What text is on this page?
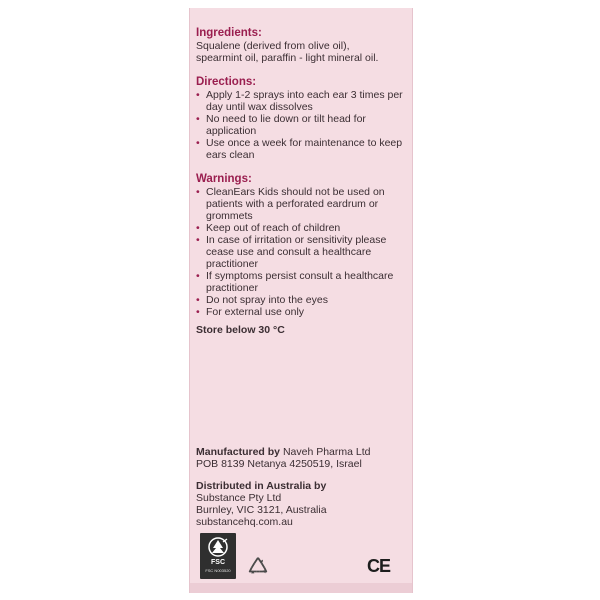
Ingredients:

Squalene (derived from olive oil),

spearmint oil, paraffin - light mineral oil.

Directions:
• Apply 1-2 sprays into each ear 3 times per day until wax dissolves
• No need to lie down or tilt head for application
• Use once a week for maintenance to keep ears clean
Warnings:
• CleanEars Kids should not be used on patients with a perforated eardrum or grommets
• Keep out of reach of children
• In case of irritation or sensitivity please cease use and consult a healthcare practitioner
• If symptoms persist consult a healthcare practitioner
• Do not spray into the eyes
• For external use only
Store below 30 °C
Manufactured by Naveh Pharma Ltd
POB 8139 Netanya 4250519, Israel
Distributed in Australia by
Substance Pty Ltd
Burnley, VIC 3121, Australia
substancehq.com.au
FSC
FSC N003520	CE
